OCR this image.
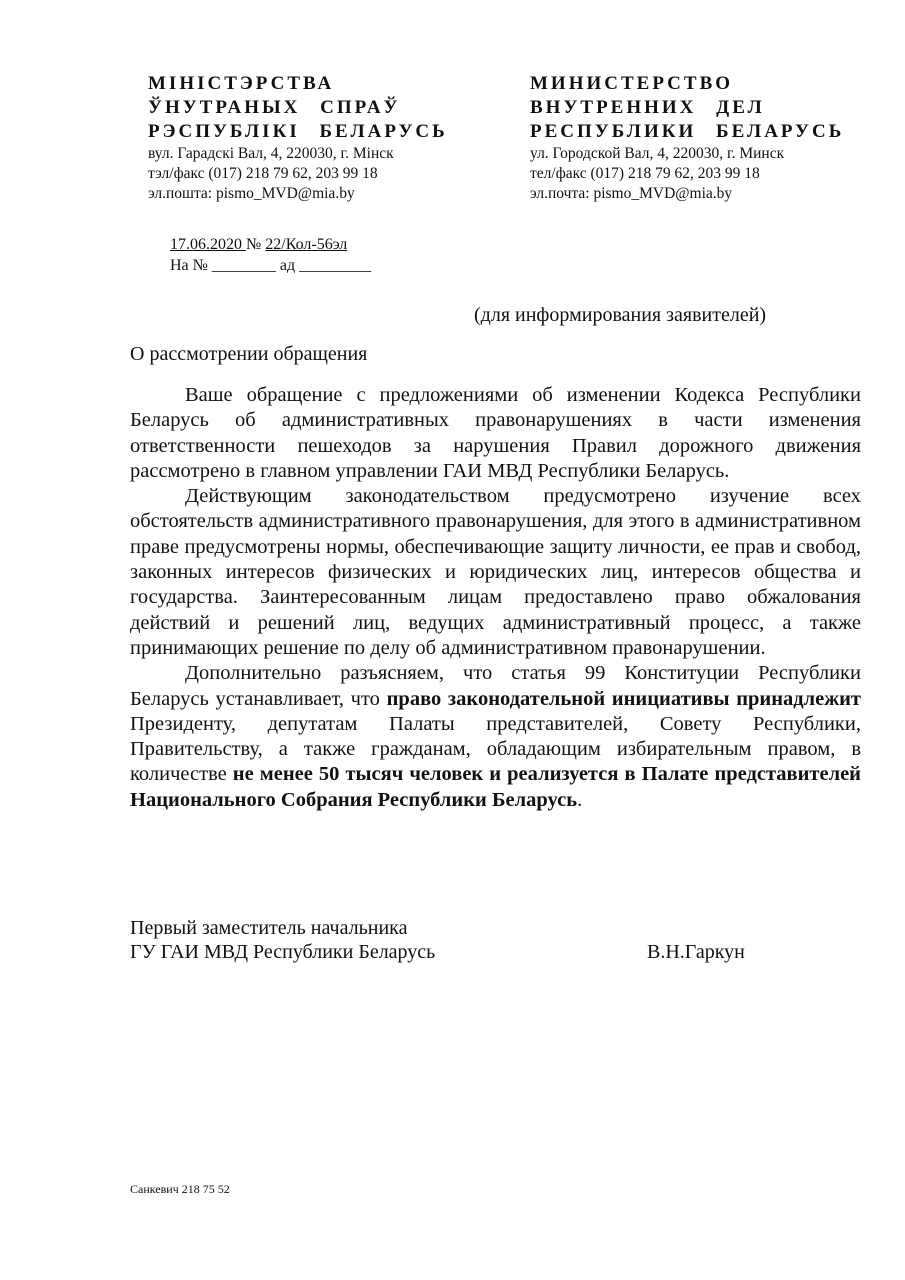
МІНІСТЭРСТВА
ЎНУТРАНЫХ СПРАЎ
РЭСПУБЛІКІ БЕЛАРУСЬ
вул. Гарадскі Вал, 4, 220030, г. Мінск
тэл/факс (017) 218 79 62, 203 99 18
эл.пошта: pismo_MVD@mia.by
МИНИСТЕРСТВО
ВНУТРЕННИХ ДЕЛ
РЕСПУБЛИКИ БЕЛАРУСЬ
ул. Городской Вал, 4, 220030, г. Минск
тел/факс (017) 218 79 62, 203 99 18
эл.почта: pismo_MVD@mia.by
17.06.2020 № 22/Кол-56эл
На № ________ ад _________
(для информирования заявителей)
О рассмотрении обращения

Ваше обращение с предложениями об изменении Кодекса Республики Беларусь об административных правонарушениях в части изменения ответственности пешеходов за нарушения Правил дорожного движения рассмотрено в главном управлении ГАИ МВД Республики Беларусь.

Действующим законодательством предусмотрено изучение всех обстоятельств административного правонарушения, для этого в административном праве предусмотрены нормы, обеспечивающие защиту личности, ее прав и свобод, законных интересов физических и юридических лиц, интересов общества и государства. Заинтересованным лицам предоставлено право обжалования действий и решений лиц, ведущих административный процесс, а также принимающих решение по делу об административном правонарушении.

Дополнительно разъясняем, что статья 99 Конституции Республики Беларусь устанавливает, что право законодательной инициативы принадлежит Президенту, депутатам Палаты представителей, Совету Республики, Правительству, а также гражданам, обладающим избирательным правом, в количестве не менее 50 тысяч человек и реализуется в Палате представителей Национального Собрания Республики Беларусь.

Первый заместитель начальника
ГУ ГАИ МВД Республики Беларусь	В.Н.Гаркун
Санкевич 218 75 52
